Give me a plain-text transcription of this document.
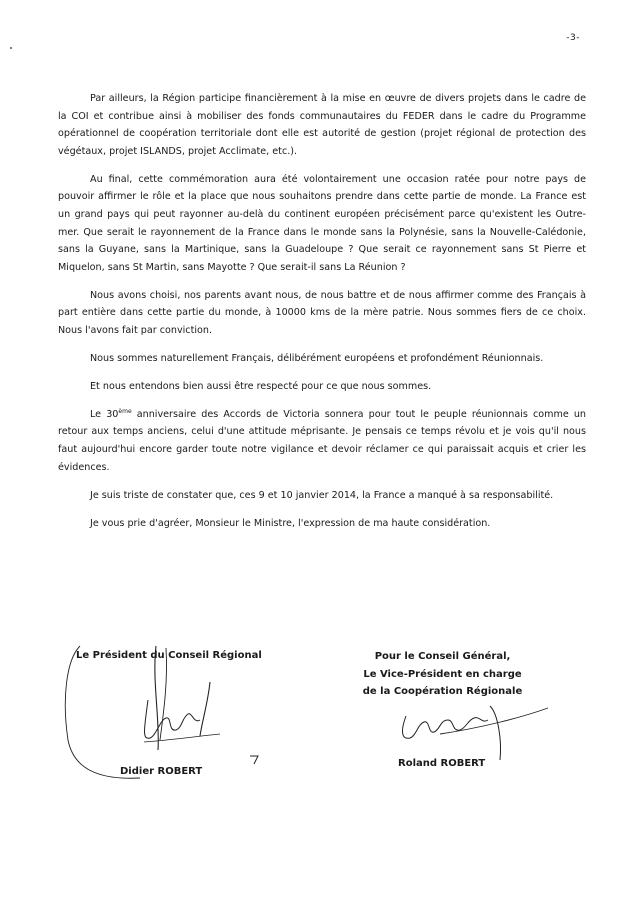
-3-

Par ailleurs, la Région participe financièrement à la mise en œuvre de divers projets dans le cadre de la COI et contribue ainsi à mobiliser des fonds communautaires du FEDER dans le cadre du Programme opérationnel de coopération territoriale dont elle est autorité de gestion (projet régional de protection des végétaux, projet ISLANDS, projet Acclimate, etc.).

Au final, cette commémoration aura été volontairement une occasion ratée pour notre pays de pouvoir affirmer le rôle et la place que nous souhaitons prendre dans cette partie de monde. La France est un grand pays qui peut rayonner au-delà du continent européen précisément parce qu'existent les Outre-mer. Que serait le rayonnement de la France dans le monde sans la Polynésie, sans la Nouvelle-Calédonie, sans la Guyane, sans la Martinique, sans la Guadeloupe ? Que serait ce rayonnement sans St Pierre et Miquelon, sans St Martin, sans Mayotte ? Que serait-il sans La Réunion ?

Nous avons choisi, nos parents avant nous, de nous battre et de nous affirmer comme des Français à part entière dans cette partie du monde, à 10000 kms de la mère patrie. Nous sommes fiers de ce choix. Nous l'avons fait par conviction.

Nous sommes naturellement Français, délibérément européens et profondément Réunionnais.

Et nous entendons bien aussi être respecté pour ce que nous sommes.

Le 30ème anniversaire des Accords de Victoria sonnera pour tout le peuple réunionnais comme un retour aux temps anciens, celui d'une attitude méprisante. Je pensais ce temps révolu et je vois qu'il nous faut aujourd'hui encore garder toute notre vigilance et devoir réclamer ce qui paraissait acquis et crier les évidences.

Je suis triste de constater que, ces 9 et 10 janvier 2014, la France a manqué à sa responsabilité.

Je vous prie d'agréer, Monsieur le Ministre, l'expression de ma haute considération.

Le Président du Conseil Régional
Didier ROBERT
Pour le Conseil Général,
Le Vice-Président en charge
de la Coopération Régionale
Roland ROBERT
